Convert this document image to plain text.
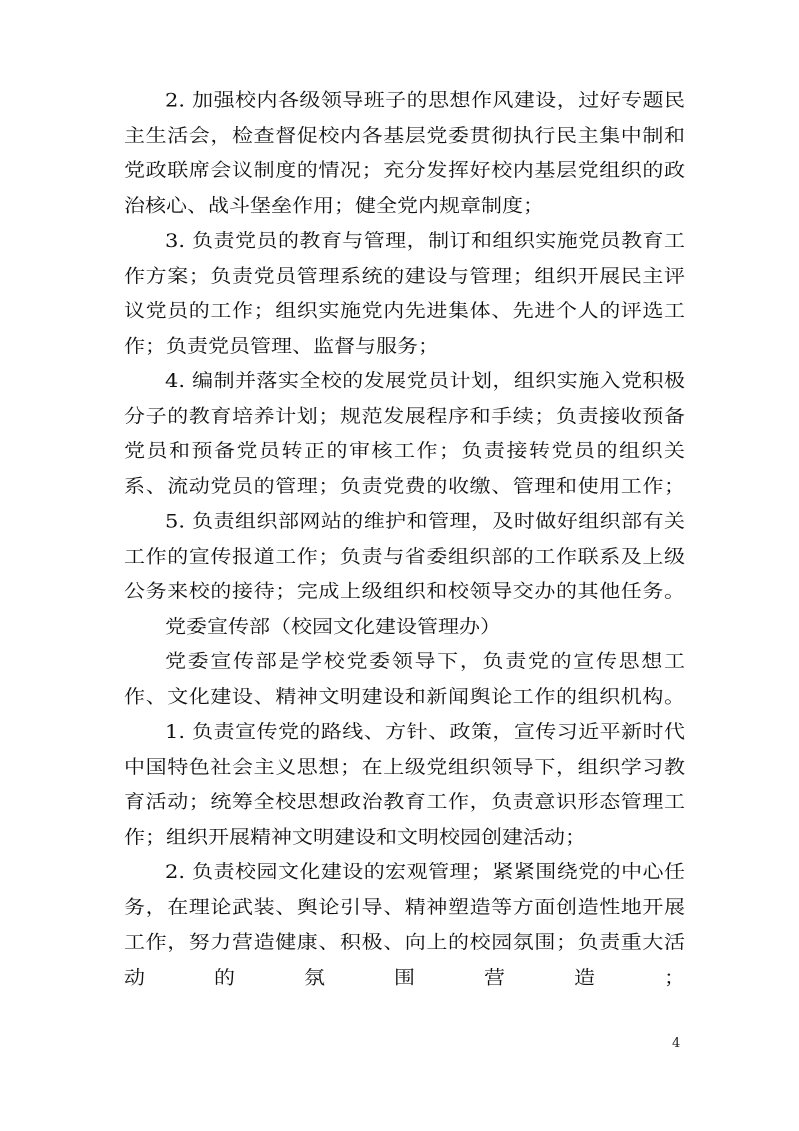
2. 加强校内各级领导班子的思想作风建设，过好专题民
主生活会，检查督促校内各基层党委贯彻执行民主集中制和
党政联席会议制度的情况；充分发挥好校内基层党组织的政
治核心、战斗堡垒作用；健全党内规章制度；
3. 负责党员的教育与管理，制订和组织实施党员教育工
作方案；负责党员管理系统的建设与管理；组织开展民主评
议党员的工作；组织实施党内先进集体、先进个人的评选工
作；负责党员管理、监督与服务；
4. 编制并落实全校的发展党员计划，组织实施入党积极
分子的教育培养计划；规范发展程序和手续；负责接收预备
党员和预备党员转正的审核工作；负责接转党员的组织关
系、流动党员的管理；负责党费的收缴、管理和使用工作；
5. 负责组织部网站的维护和管理，及时做好组织部有关
工作的宣传报道工作；负责与省委组织部的工作联系及上级
公务来校的接待；完成上级组织和校领导交办的其他任务。
党委宣传部（校园文化建设管理办）
党委宣传部是学校党委领导下，负责党的宣传思想工
作、文化建设、精神文明建设和新闻舆论工作的组织机构。
1. 负责宣传党的路线、方针、政策，宣传习近平新时代
中国特色社会主义思想；在上级党组织领导下，组织学习教
育活动；统筹全校思想政治教育工作，负责意识形态管理工
作；组织开展精神文明建设和文明校园创建活动；
2. 负责校园文化建设的宏观管理；紧紧围绕党的中心任
务，在理论武装、舆论引导、精神塑造等方面创造性地开展
工作，努力营造健康、积极、向上的校园氛围；负责重大活
动的氛围营造；
4
